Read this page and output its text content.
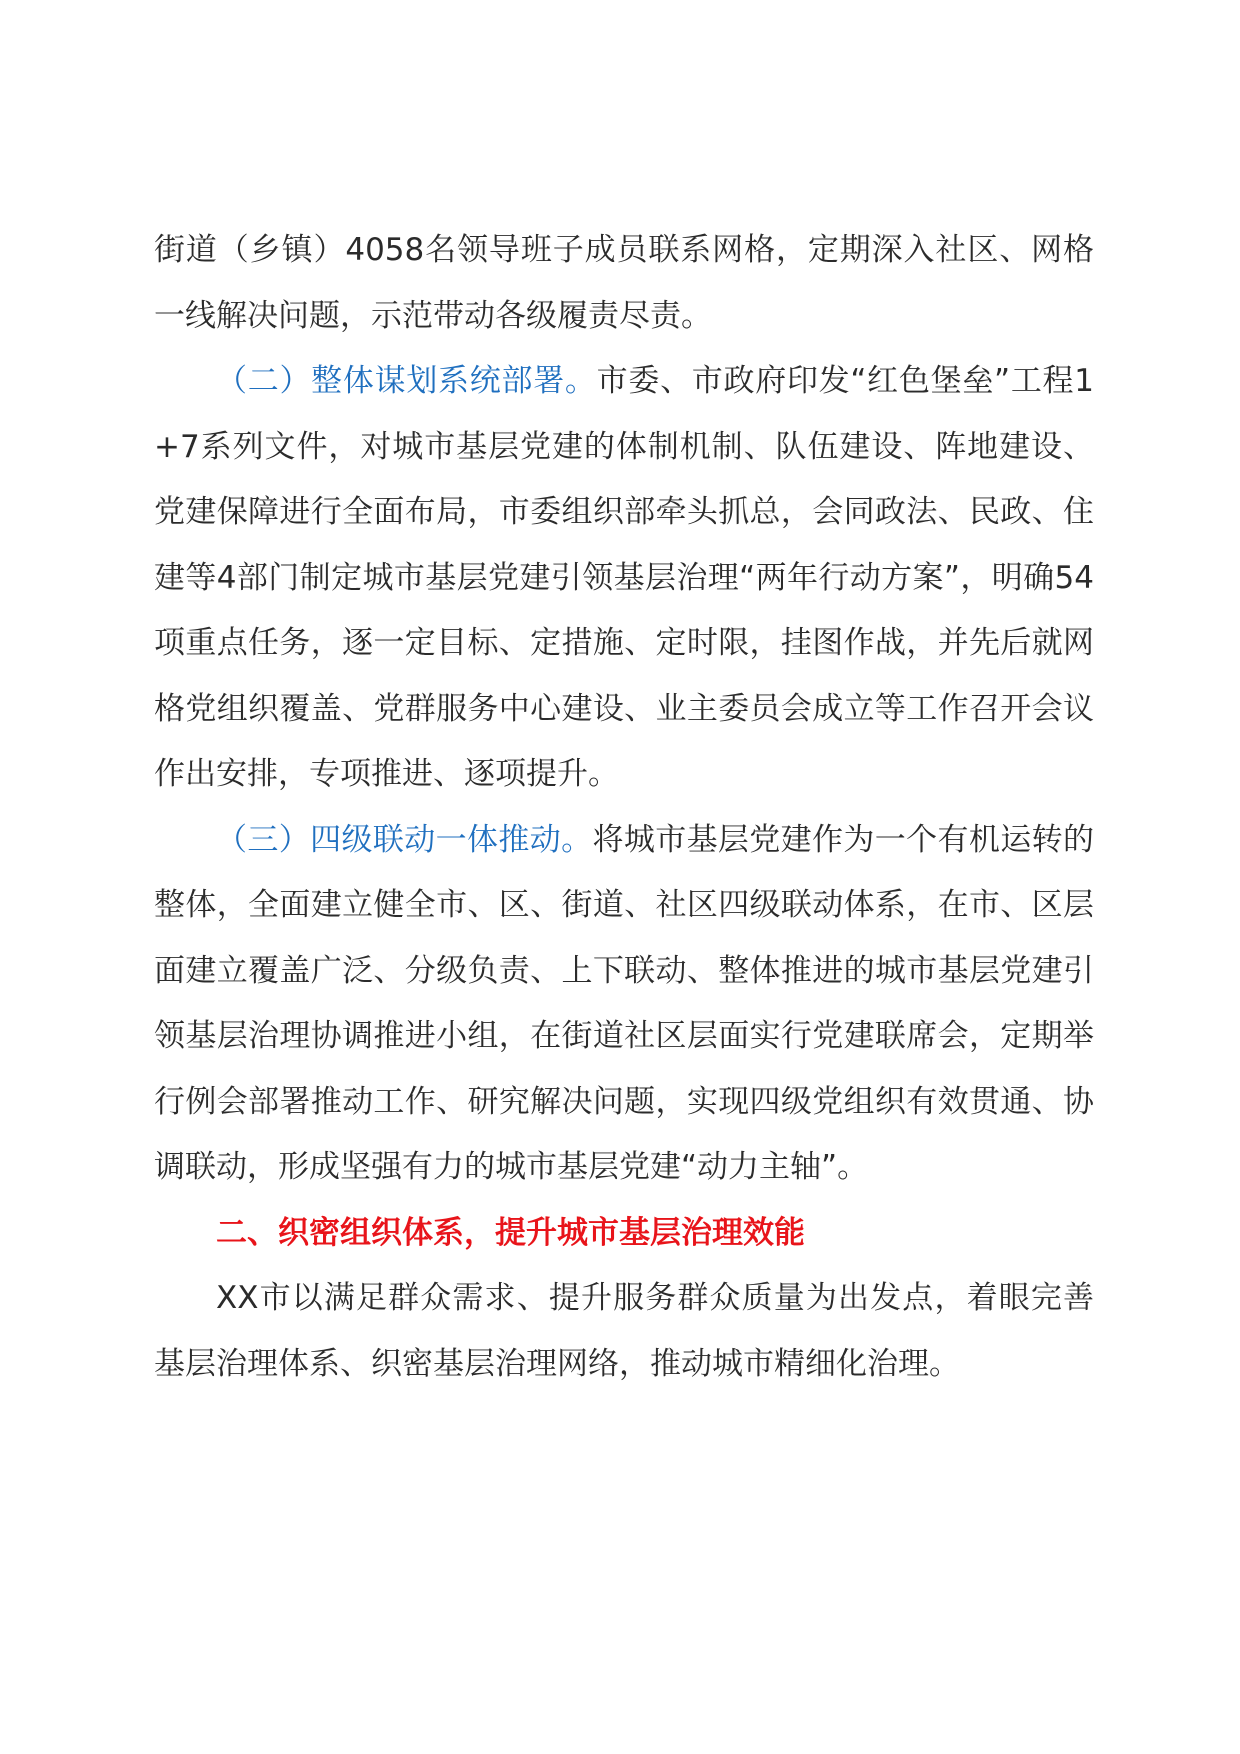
街道（乡镇）4058名领导班子成员联系网格，定期深入社区、网格一线解决问题，示范带动各级履责尽责。

（二）整体谋划系统部署。市委、市政府印发“红色堡垒”工程1+7系列文件，对城市基层党建的体制机制、队伍建设、阵地建设、党建保障进行全面布局，市委组织部牵头抓总，会同政法、民政、住建等4部门制定城市基层党建引领基层治理“两年行动方案”，明确54项重点任务，逐一定目标、定措施、定时限，挂图作战，并先后就网格党组织覆盖、党群服务中心建设、业主委员会成立等工作召开会议作出安排，专项推进、逐项提升。

（三）四级联动一体推动。将城市基层党建作为一个有机运转的整体，全面建立健全市、区、街道、社区四级联动体系，在市、区层面建立覆盖广泛、分级负责、上下联动、整体推进的城市基层党建引领基层治理协调推进小组，在街道社区层面实行党建联席会，定期举行例会部署推动工作、研究解决问题，实现四级党组织有效贯通、协调联动，形成坚强有力的城市基层党建“动力主轴”。

二、织密组织体系，提升城市基层治理效能

XX市以满足群众需求、提升服务群众质量为出发点，着眼完善基层治理体系、织密基层治理网络，推动城市精细化治理。
